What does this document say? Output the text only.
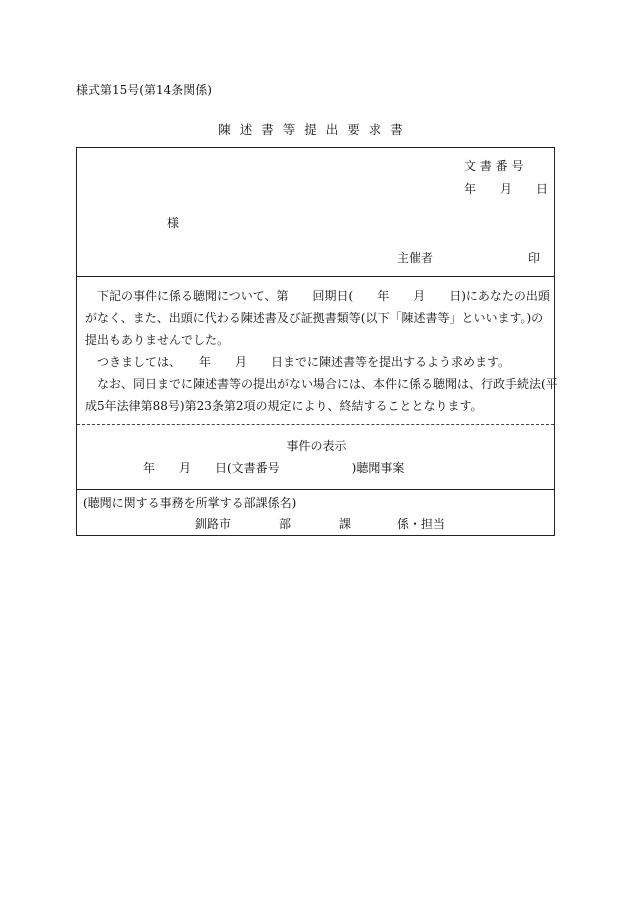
様式第15号(第14条関係)
陳述書等提出要求書
文 書 番 号
年　　月　　日
様
主催者	印

下記の事件に係る聴聞について、第　　回期日(　　年　　月　　日)にあなたの出頭

がなく、また、出頭に代わる陳述書及び証拠書類等(以下「陳述書等」といいます。)の

提出もありませんでした。

つきましては、　　年　　月　　日までに陳述書等を提出するよう求めます。

なお、同日までに陳述書等の提出がない場合には、本件に係る聴聞は、行政手続法(平

成5年法律第88号)第23条第2項の規定により、終結することとなります。

事件の表示
年　　月　　日(文書番号　　　　　　)聴聞事案
(聴聞に関する事務を所掌する部課係名)
釧路市	部	課	係・担当
